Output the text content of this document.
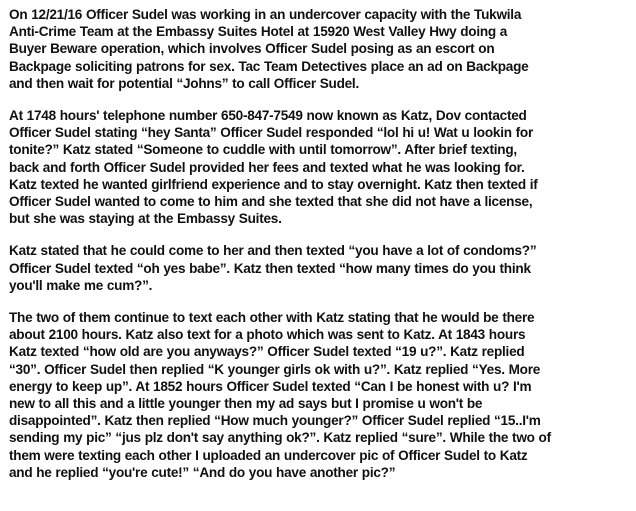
On 12/21/16 Officer Sudel was working in an undercover capacity with the Tukwila
Anti-Crime Team at the Embassy Suites Hotel at 15920 West Valley Hwy doing a
Buyer Beware operation, which involves Officer Sudel posing as an escort on
Backpage soliciting patrons for sex. Tac Team Detectives place an ad on Backpage
and then wait for potential “Johns” to call Officer Sudel.
At 1748 hours' telephone number 650-847-7549 now known as Katz, Dov contacted
Officer Sudel stating “hey Santa” Officer Sudel responded “lol hi u! Wat u lookin for
tonite?” Katz stated “Someone to cuddle with until tomorrow”. After brief texting,
back and forth Officer Sudel provided her fees and texted what he was looking for.
Katz texted he wanted girlfriend experience and to stay overnight. Katz then texted if
Officer Sudel wanted to come to him and she texted that she did not have a license,
but she was staying at the Embassy Suites.
Katz stated that he could come to her and then texted “you have a lot of condoms?”
Officer Sudel texted “oh yes babe”. Katz then texted “how many times do you think
you'll make me cum?”.
The two of them continue to text each other with Katz stating that he would be there
about 2100 hours. Katz also text for a photo which was sent to Katz. At 1843 hours
Katz texted “how old are you anyways?” Officer Sudel texted “19 u?”. Katz replied
“30”. Officer Sudel then replied “K younger girls ok with u?”. Katz replied “Yes. More
energy to keep up”. At 1852 hours Officer Sudel texted “Can I be honest with u? I'm
new to all this and a little younger then my ad says but I promise u won't be
disappointed”. Katz then replied “How much younger?” Officer Sudel replied “15..I'm
sending my pic” “jus plz don't say anything ok?”. Katz replied “sure”. While the two of
them were texting each other I uploaded an undercover pic of Officer Sudel to Katz
and he replied “you're cute!” “And do you have another pic?”
